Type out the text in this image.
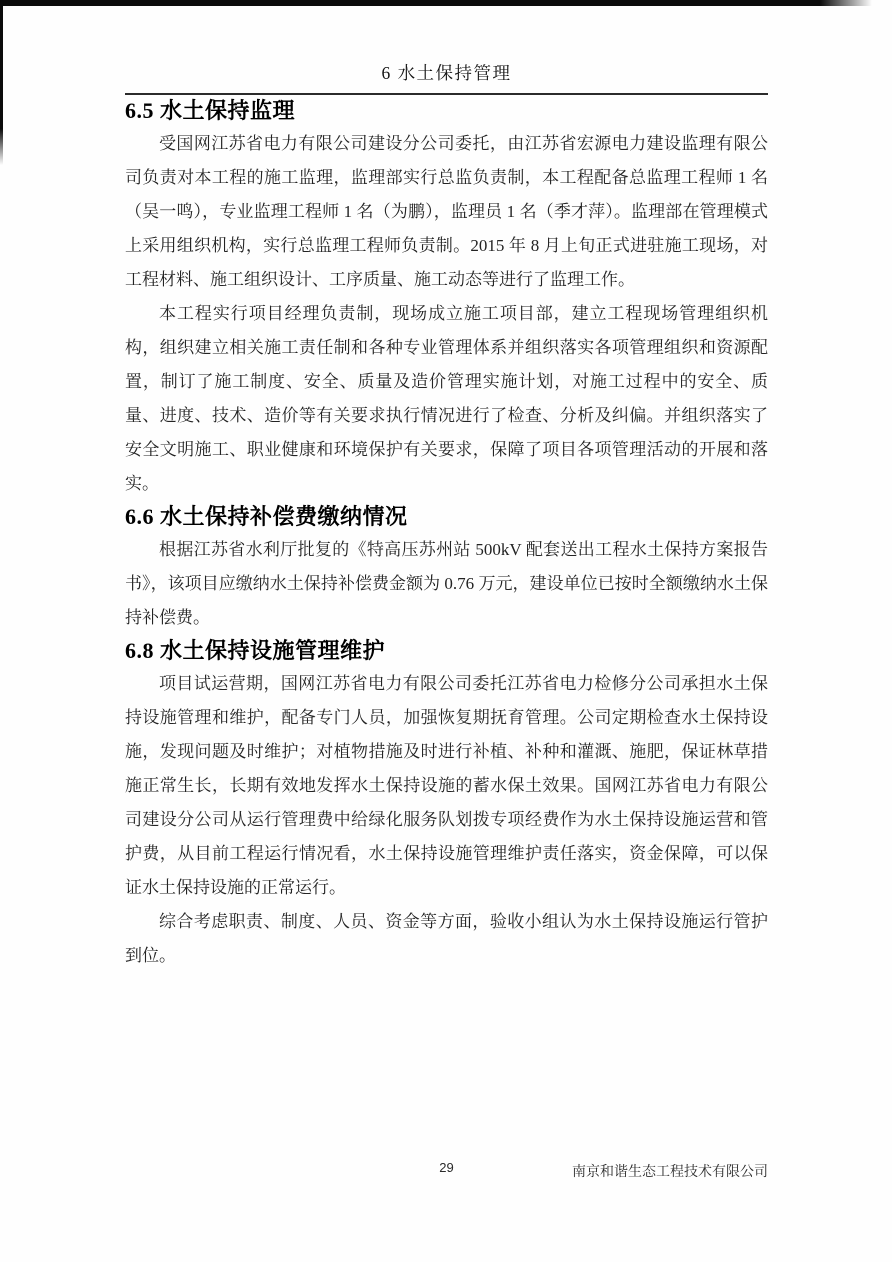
6 水土保持管理
6.5 水土保持监理

受国网江苏省电力有限公司建设分公司委托，由江苏省宏源电力建设监理有限公司负责对本工程的施工监理，监理部实行总监负责制，本工程配备总监理工程师 1 名（吴一鸣），专业监理工程师 1 名（为鹏），监理员 1 名（季才萍）。监理部在管理模式上采用组织机构，实行总监理工程师负责制。2015 年 8 月上旬正式进驻施工现场，对工程材料、施工组织设计、工序质量、施工动态等进行了监理工作。

本工程实行项目经理负责制，现场成立施工项目部，建立工程现场管理组织机构，组织建立相关施工责任制和各种专业管理体系并组织落实各项管理组织和资源配置，制订了施工制度、安全、质量及造价管理实施计划，对施工过程中的安全、质量、进度、技术、造价等有关要求执行情况进行了检查、分析及纠偏。并组织落实了安全文明施工、职业健康和环境保护有关要求，保障了项目各项管理活动的开展和落实。

6.6 水土保持补偿费缴纳情况

根据江苏省水利厅批复的《特高压苏州站 500kV 配套送出工程水土保持方案报告书》，该项目应缴纳水土保持补偿费金额为 0.76 万元，建设单位已按时全额缴纳水土保持补偿费。

6.8 水土保持设施管理维护

项目试运营期，国网江苏省电力有限公司委托江苏省电力检修分公司承担水土保持设施管理和维护，配备专门人员，加强恢复期抚育管理。公司定期检查水土保持设施，发现问题及时维护；对植物措施及时进行补植、补种和灌溉、施肥，保证林草措施正常生长，长期有效地发挥水土保持设施的蓄水保土效果。国网江苏省电力有限公司建设分公司从运行管理费中给绿化服务队划拨专项经费作为水土保持设施运营和管护费，从目前工程运行情况看，水土保持设施管理维护责任落实，资金保障，可以保证水土保持设施的正常运行。

综合考虑职责、制度、人员、资金等方面，验收小组认为水土保持设施运行管护到位。

29	南京和谐生态工程技术有限公司
